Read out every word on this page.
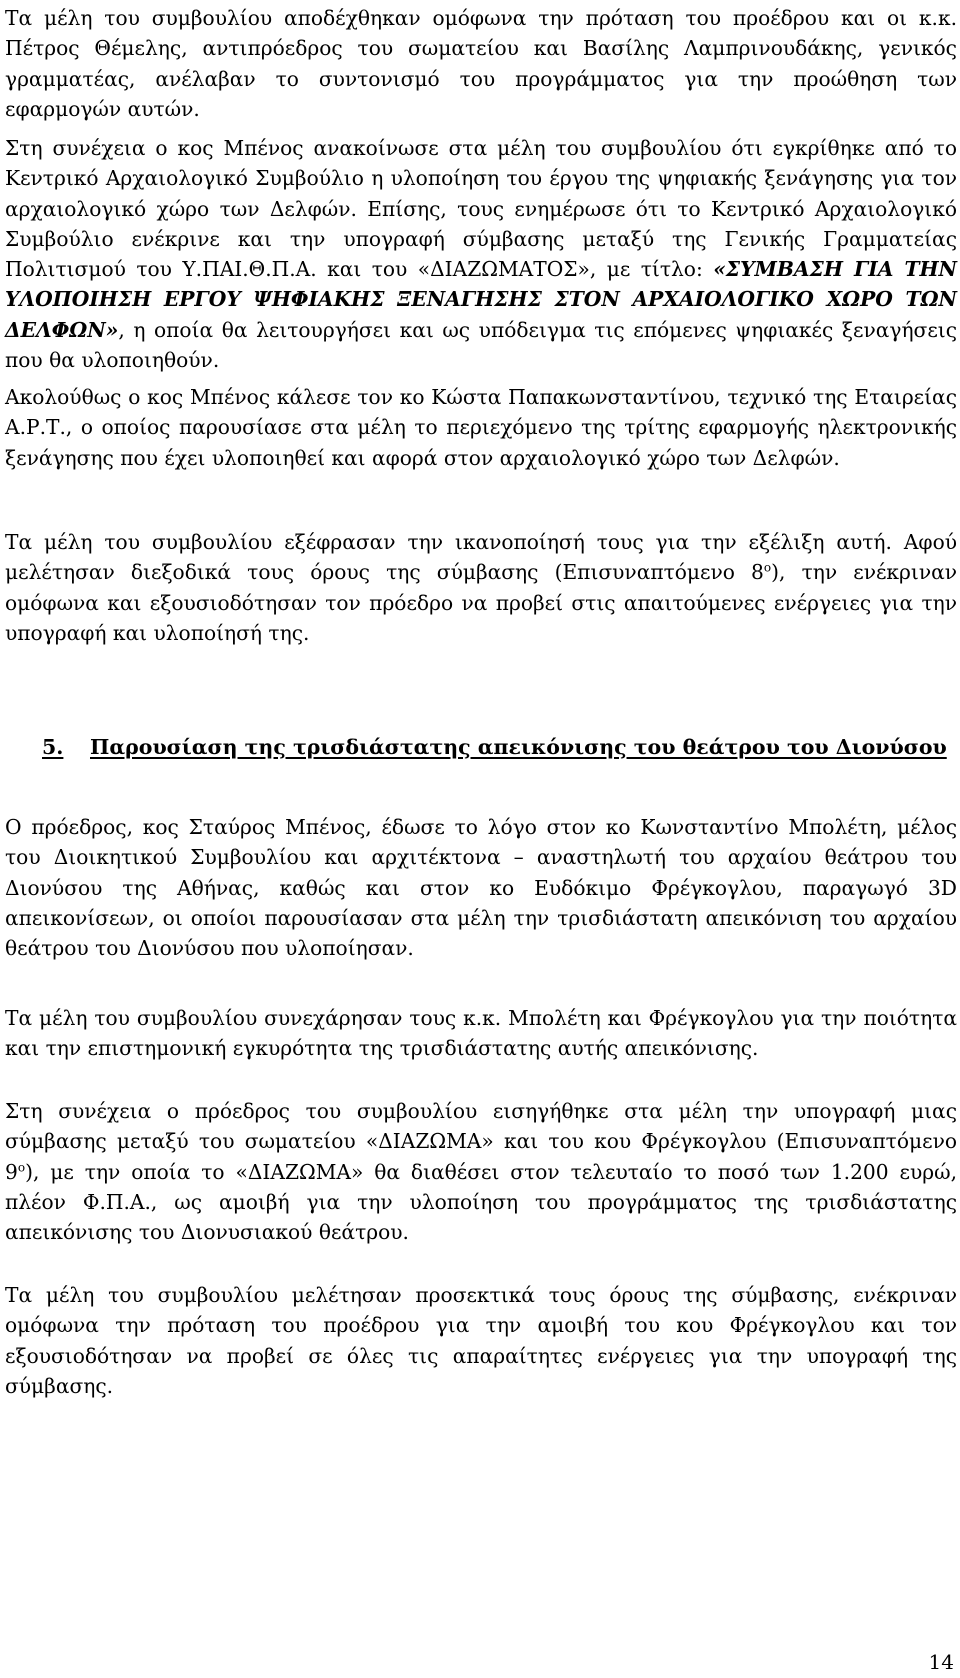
Τα μέλη του συμβουλίου αποδέχθηκαν ομόφωνα την πρόταση του προέδρου και οι κ.κ. Πέτρος Θέμελης, αντιπρόεδρος του σωματείου και Βασίλης Λαμπρινουδάκης, γενικός γραμματέας, ανέλαβαν το συντονισμό του προγράμματος για την προώθηση των εφαρμογών αυτών.

Στη συνέχεια ο κος Μπένος ανακοίνωσε στα μέλη του συμβουλίου ότι εγκρίθηκε από το Κεντρικό Αρχαιολογικό Συμβούλιο η υλοποίηση του έργου της ψηφιακής ξενάγησης για τον αρχαιολογικό χώρο των Δελφών. Επίσης, τους ενημέρωσε ότι το Κεντρικό Αρχαιολογικό Συμβούλιο ενέκρινε και την υπογραφή σύμβασης μεταξύ της Γενικής Γραμματείας Πολιτισμού του Υ.ΠΑΙ.Θ.Π.Α. και του «ΔΙΑΖΩΜΑΤΟΣ», με τίτλο: «ΣΥΜΒΑΣΗ ΓΙΑ ΤΗΝ ΥΛΟΠΟΙΗΣΗ ΕΡΓΟΥ ΨΗΦΙΑΚΗΣ ΞΕΝΑΓΗΣΗΣ ΣΤΟΝ ΑΡΧΑΙΟΛΟΓΙΚΟ ΧΩΡΟ ΤΩΝ ΔΕΛΦΩΝ», η οποία θα λειτουργήσει και ως υπόδειγμα τις επόμενες ψηφιακές ξεναγήσεις που θα υλοποιηθούν.

Ακολούθως ο κος Μπένος κάλεσε τον κο Κώστα Παπακωνσταντίνου, τεχνικό της Εταιρείας Α.Ρ.Τ., ο οποίος παρουσίασε στα μέλη το περιεχόμενο της τρίτης εφαρμογής ηλεκτρονικής ξενάγησης που έχει υλοποιηθεί και αφορά στον αρχαιολογικό χώρο των Δελφών.

Τα μέλη του συμβουλίου εξέφρασαν την ικανοποίησή τους για την εξέλιξη αυτή. Αφού μελέτησαν διεξοδικά τους όρους της σύμβασης (Επισυναπτόμενο $8^o$), την ενέκριναν ομόφωνα και εξουσιοδότησαν τον πρόεδρο να προβεί στις απαιτούμενες ενέργειες για την υπογραφή και υλοποίησή της.

5. Παρουσίαση της τρισδιάστατης απεικόνισης του θεάτρου του Διονύσου

Ο πρόεδρος, κος Σταύρος Μπένος, έδωσε το λόγο στον κο Κωνσταντίνο Μπολέτη, μέλος του Διοικητικού Συμβουλίου και αρχιτέκτονα – αναστηλωτή του αρχαίου θεάτρου του Διονύσου της Αθήνας, καθώς και στον κο Ευδόκιμο Φρέγκογλου, παραγωγό 3D απεικονίσεων, οι οποίοι παρουσίασαν στα μέλη την τρισδιάστατη απεικόνιση του αρχαίου θεάτρου του Διονύσου που υλοποίησαν.

Τα μέλη του συμβουλίου συνεχάρησαν τους κ.κ. Μπολέτη και Φρέγκογλου για την ποιότητα και την επιστημονική εγκυρότητα της τρισδιάστατης αυτής απεικόνισης.

Στη συνέχεια ο πρόεδρος του συμβουλίου εισηγήθηκε στα μέλη την υπογραφή μιας σύμβασης μεταξύ του σωματείου «ΔΙΑΖΩΜΑ» και του κου Φρέγκογλου (Επισυναπτόμενο $9^o$), με την οποία το «ΔΙΑΖΩΜΑ» θα διαθέσει στον τελευταίο το ποσό των 1.200 ευρώ, πλέον Φ.Π.Α., ως αμοιβή για την υλοποίηση του προγράμματος της τρισδιάστατης απεικόνισης του Διονυσιακού θεάτρου.

Τα μέλη του συμβουλίου μελέτησαν προσεκτικά τους όρους της σύμβασης, ενέκριναν ομόφωνα την πρόταση του προέδρου για την αμοιβή του κου Φρέγκογλου και τον εξουσιοδότησαν να προβεί σε όλες τις απαραίτητες ενέργειες για την υπογραφή της σύμβασης.

14
